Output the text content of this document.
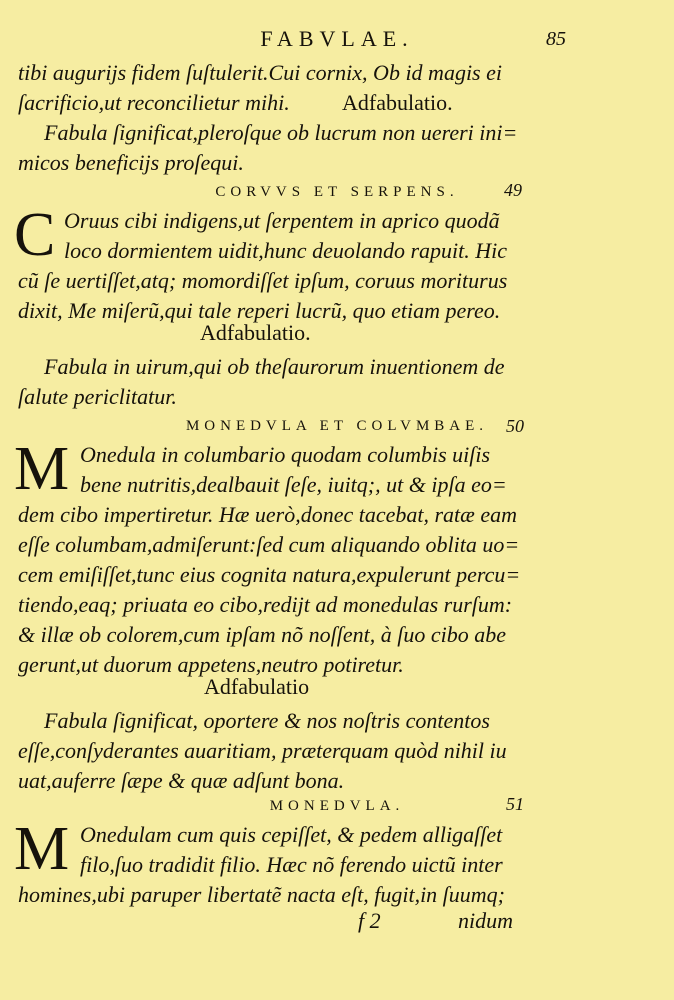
FABVLAE.	85
tibi augurijs fidem ſuſtulerit.Cui cornix, Ob id magis ei
ſacrificio,ut reconcilietur mihi.	Adfabulatio.
Fabula ſignificat,pleroſque ob lucrum non uereri ini=
micos beneficijs proſequi.
CORVVS ET SERPENS.	49
C Oruus cibi indigens,ut ſerpentem in aprico quodã
loco dormientem uidit,hunc deuolando rapuit. Hic
cũ ſe uertiſſet,atq; momordiſſet ipſum, coruus moriturus
dixit, Me miſerũ,qui tale reperi lucrũ, quo etiam pereo.
Adfabulatio.
Fabula in uirum,qui ob theſaurorum inuentionem de
ſalute periclitatur.
MONEDVLA ET COLVMBAE. 50
M Onedula in columbario quodam columbis uiſis
bene nutritis,dealbauit ſeſe, iuitq;, ut & ipſa eo=
dem cibo impertiretur. Hæ uerò,donec tacebat, ratæ eam
eſſe columbam,admiſerunt:ſed cum aliquando oblita uo=
cem emiſiſſet,tunc eius cognita natura,expulerunt percu=
tiendo,eaq; priuata eo cibo,redijt ad monedulas rurſum:
& illæ ob colorem,cum ipſam nõ noſſent, à ſuo cibo abe
gerunt,ut duorum appetens,neutro potiretur.
Adfabulatio
Fabula ſignificat, oportere & nos noſtris contentos
eſſe,conſyderantes auaritiam, præterquam quòd nihil iu
uat,auferre ſæpe & quæ adſunt bona.
MONEDVLA.	51
M Onedulam cum quis cepiſſet, & pedem alligaſſet
filo,ſuo tradidit filio. Hæc nõ ferendo uictũ inter
homines,ubi paruper libertatẽ nacta eſt, fugit,in ſuumq;
f 2	nidum
